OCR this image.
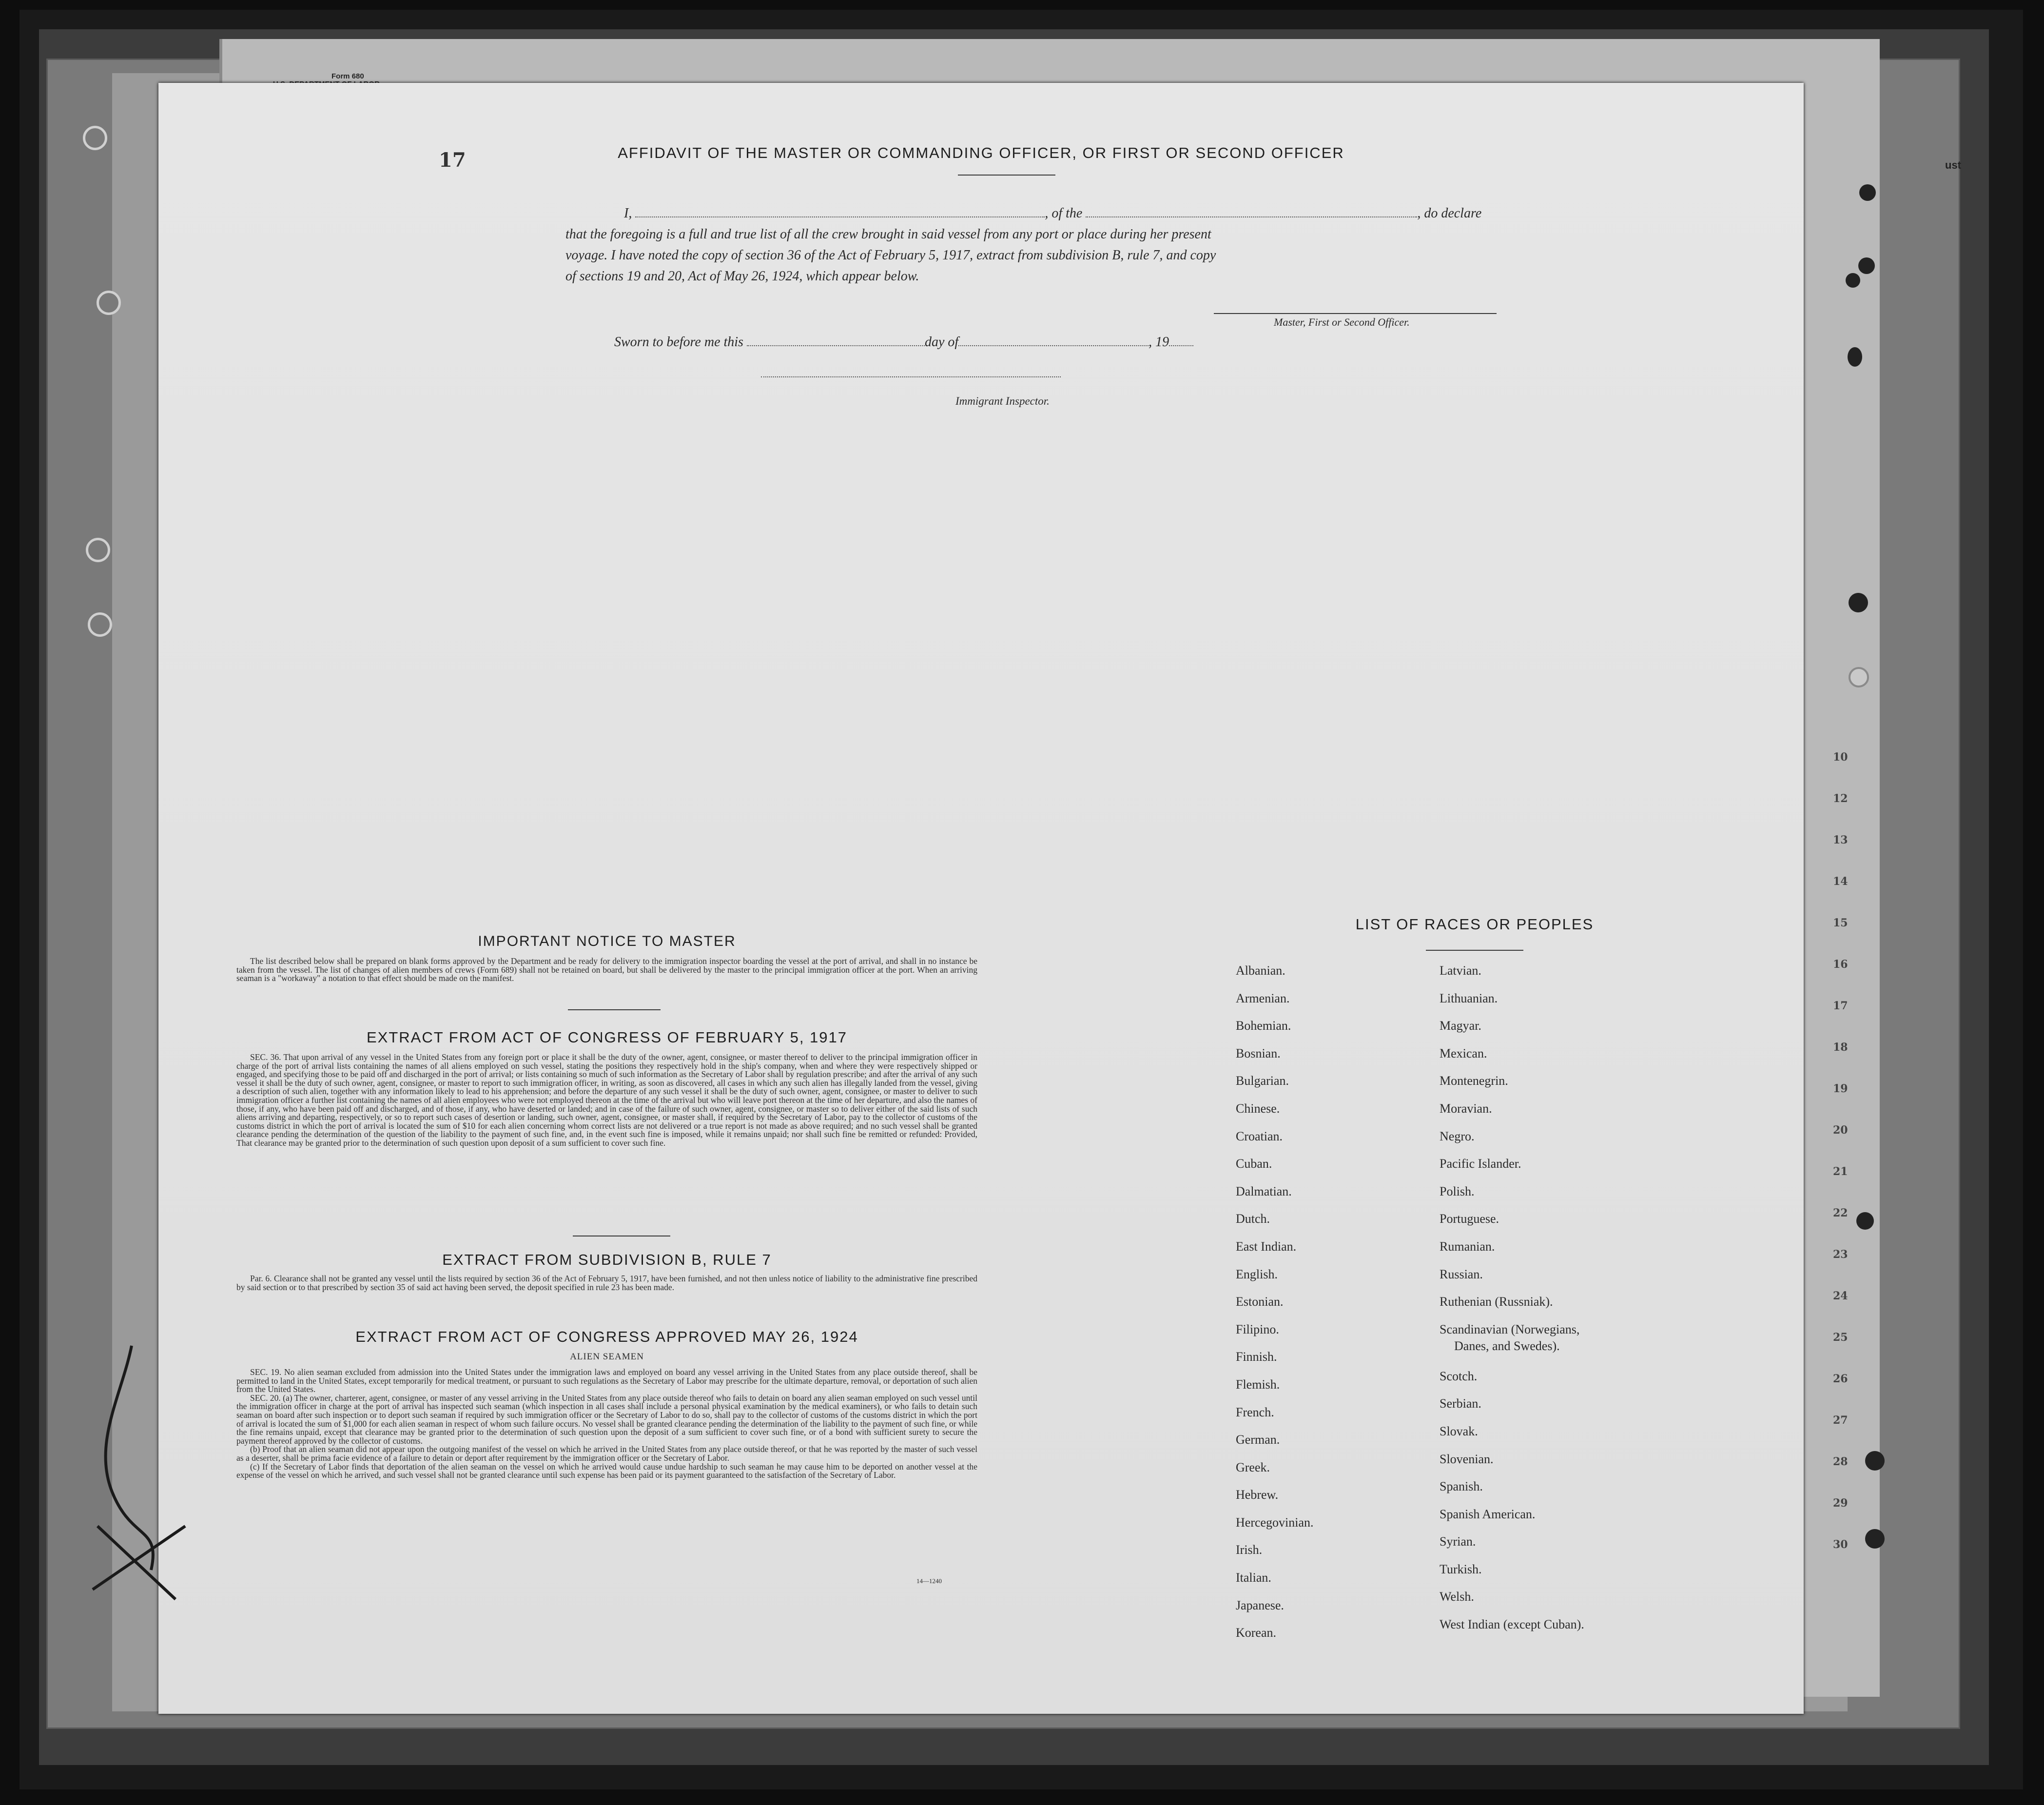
Form 680
ust
10
12
13
14
15
16
17
18
19
20
21
22
23
24
25
26
27
28
29
30
17	AFFIDAVIT OF THE MASTER OR COMMANDING OFFICER, OR FIRST OR SECOND OFFICER
I,	, of the	, do declare
that the foregoing is a full and true list of all the crew brought in said vessel from any port or place during her present
voyage. I have noted the copy of section 36 of the Act of February 5, 1917, extract from subdivision B, rule 7, and copy
of sections 19 and 20, Act of May 26, 1924, which appear below.
Master, First or Second Officer.
Sworn to before me this	day of	, 19
Immigrant Inspector.
IMPORTANT NOTICE TO MASTER

The list described below shall be prepared on blank forms approved by the Department and be ready for delivery to the immigration inspector boarding the vessel at the port of arrival, and shall in no instance be taken from the vessel. The list of changes of alien members of crews (Form 689) shall not be retained on board, but shall be delivered by the master to the principal immigration officer at the port. When an arriving seaman is a "workaway" a notation to that effect should be made on the manifest.

EXTRACT FROM ACT OF CONGRESS OF FEBRUARY 5, 1917

SEC. 36. That upon arrival of any vessel in the United States from any foreign port or place it shall be the duty of the owner, agent, consignee, or master thereof to deliver to the principal immigration officer in charge of the port of arrival lists containing the names of all aliens employed on such vessel, stating the positions they respectively hold in the ship's company, when and where they were respectively shipped or engaged, and specifying those to be paid off and discharged in the port of arrival; or lists containing so much of such information as the Secretary of Labor shall by regulation prescribe; and after the arrival of any such vessel it shall be the duty of such owner, agent, consignee, or master to report to such immigration officer, in writing, as soon as discovered, all cases in which any such alien has illegally landed from the vessel, giving a description of such alien, together with any information likely to lead to his apprehension; and before the departure of any such vessel it shall be the duty of such owner, agent, consignee, or master to deliver to such immigration officer a further list containing the names of all alien employees who were not employed thereon at the time of the arrival but who will leave port thereon at the time of her departure, and also the names of those, if any, who have been paid off and discharged, and of those, if any, who have deserted or landed; and in case of the failure of such owner, agent, consignee, or master so to deliver either of the said lists of such aliens arriving and departing, respectively, or so to report such cases of desertion or landing, such owner, agent, consignee, or master shall, if required by the Secretary of Labor, pay to the collector of customs of the customs district in which the port of arrival is located the sum of $10 for each alien concerning whom correct lists are not delivered or a true report is not made as above required; and no such vessel shall be granted clearance pending the determination of the question of the liability to the payment of such fine, and, in the event such fine is imposed, while it remains unpaid; nor shall such fine be remitted or refunded: Provided, That clearance may be granted prior to the determination of such question upon deposit of a sum sufficient to cover such fine.

EXTRACT FROM SUBDIVISION B, RULE 7

Par. 6. Clearance shall not be granted any vessel until the lists required by section 36 of the Act of February 5, 1917, have been furnished, and not then unless notice of liability to the administrative fine prescribed by said section or to that prescribed by section 35 of said act having been served, the deposit specified in rule 23 has been made.

EXTRACT FROM ACT OF CONGRESS APPROVED MAY 26, 1924
ALIEN SEAMEN

SEC. 19. No alien seaman excluded from admission into the United States under the immigration laws and employed on board any vessel arriving in the United States from any place outside thereof, shall be permitted to land in the United States, except temporarily for medical treatment, or pursuant to such regulations as the Secretary of Labor may prescribe for the ultimate departure, removal, or deportation of such alien from the United States.

SEC. 20. (a) The owner, charterer, agent, consignee, or master of any vessel arriving in the United States from any place outside thereof who fails to detain on board any alien seaman employed on such vessel until the immigration officer in charge at the port of arrival has inspected such seaman (which inspection in all cases shall include a personal physical examination by the medical examiners), or who fails to detain such seaman on board after such inspection or to deport such seaman if required by such immigration officer or the Secretary of Labor to do so, shall pay to the collector of customs of the customs district in which the port of arrival is located the sum of $1,000 for each alien seaman in respect of whom such failure occurs. No vessel shall be granted clearance pending the determination of the liability to the payment of such fine, or while the fine remains unpaid, except that clearance may be granted prior to the determination of such question upon the deposit of a sum sufficient to cover such fine, or of a bond with sufficient surety to secure the payment thereof approved by the collector of customs.

(b) Proof that an alien seaman did not appear upon the outgoing manifest of the vessel on which he arrived in the United States from any place outside thereof, or that he was reported by the master of such vessel as a deserter, shall be prima facie evidence of a failure to detain or deport after requirement by the immigration officer or the Secretary of Labor.

(c) If the Secretary of Labor finds that deportation of the alien seaman on the vessel on which he arrived would cause undue hardship to such seaman he may cause him to be deported on another vessel at the expense of the vessel on which he arrived, and such vessel shall not be granted clearance until such expense has been paid or its payment guaranteed to the satisfaction of the Secretary of Labor.

14—1240
LIST OF RACES OR PEOPLES
Albanian.
Armenian.
Bohemian.
Bosnian.
Bulgarian.
Chinese.
Croatian.
Cuban.
Dalmatian.
Dutch.
East Indian.
English.
Estonian.
Filipino.
Finnish.
Flemish.
French.
German.
Greek.
Hebrew.
Hercegovinian.
Irish.
Italian.
Japanese.
Korean.
Latvian.
Lithuanian.
Magyar.
Mexican.
Montenegrin.
Moravian.
Negro.
Pacific Islander.
Polish.
Portuguese.
Rumanian.
Russian.
Ruthenian (Russniak).
Scandinavian (Norwegians,
Danes, and Swedes).
Scotch.
Serbian.
Slovak.
Slovenian.
Spanish.
Spanish American.
Syrian.
Turkish.
Welsh.
West Indian (except Cuban).
